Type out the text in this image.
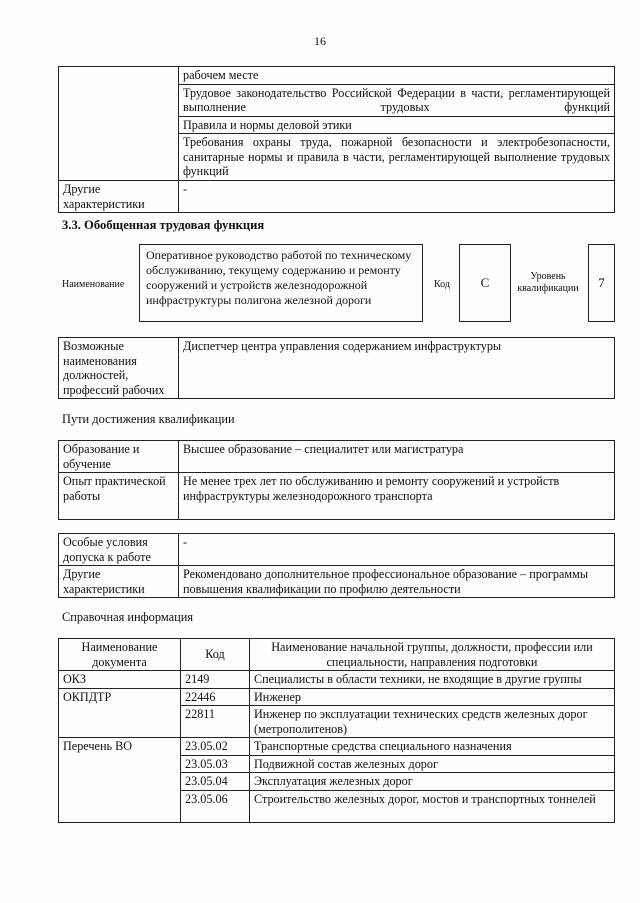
16
	рабочем месте
	Трудовое законодательство Российской Федерации в части, регламентирующей выполнение трудовых функций
	Правила и нормы деловой этики
	Требования охраны труда, пожарной безопасности и электробезопасности, санитарные нормы и правила в части, регламентирующей выполнение трудовых функций
Другие характеристики	-
3.3. Обобщенная трудовая функция
Наименование
Оперативное руководство работой по техническому обслуживанию, текущему содержанию и ремонту сооружений и устройств железнодорожной инфраструктуры полигона железной дороги
Код	C	Уровень квалификации	7
Возможные наименования должностей, профессий рабочих	Диспетчер центра управления содержанием инфраструктуры
Пути достижения квалификации
Образование и обучение	Высшее образование – специалитет или магистратура
Опыт практической работы	Не менее трех лет по обслуживанию и ремонту сооружений и устройств инфраструктуры железнодорожного транспорта
Особые условия допуска к работе	-
Другие характеристики	Рекомендовано дополнительное профессиональное образование – программы повышения квалификации по профилю деятельности
Справочная информация
Наименование документа	Код	Наименование начальной группы, должности, профессии или специальности, направления подготовки
ОКЗ	2149	Специалисты в области техники, не входящие в другие группы
ОКПДТР	22446	Инженер
	22811	Инженер по эксплуатации технических средств железных дорог (метрополитенов)
Перечень ВО	23.05.02	Транспортные средства специального назначения
	23.05.03	Подвижной состав железных дорог
	23.05.04	Эксплуатация железных дорог
	23.05.06	Строительство железных дорог, мостов и транспортных тоннелей
